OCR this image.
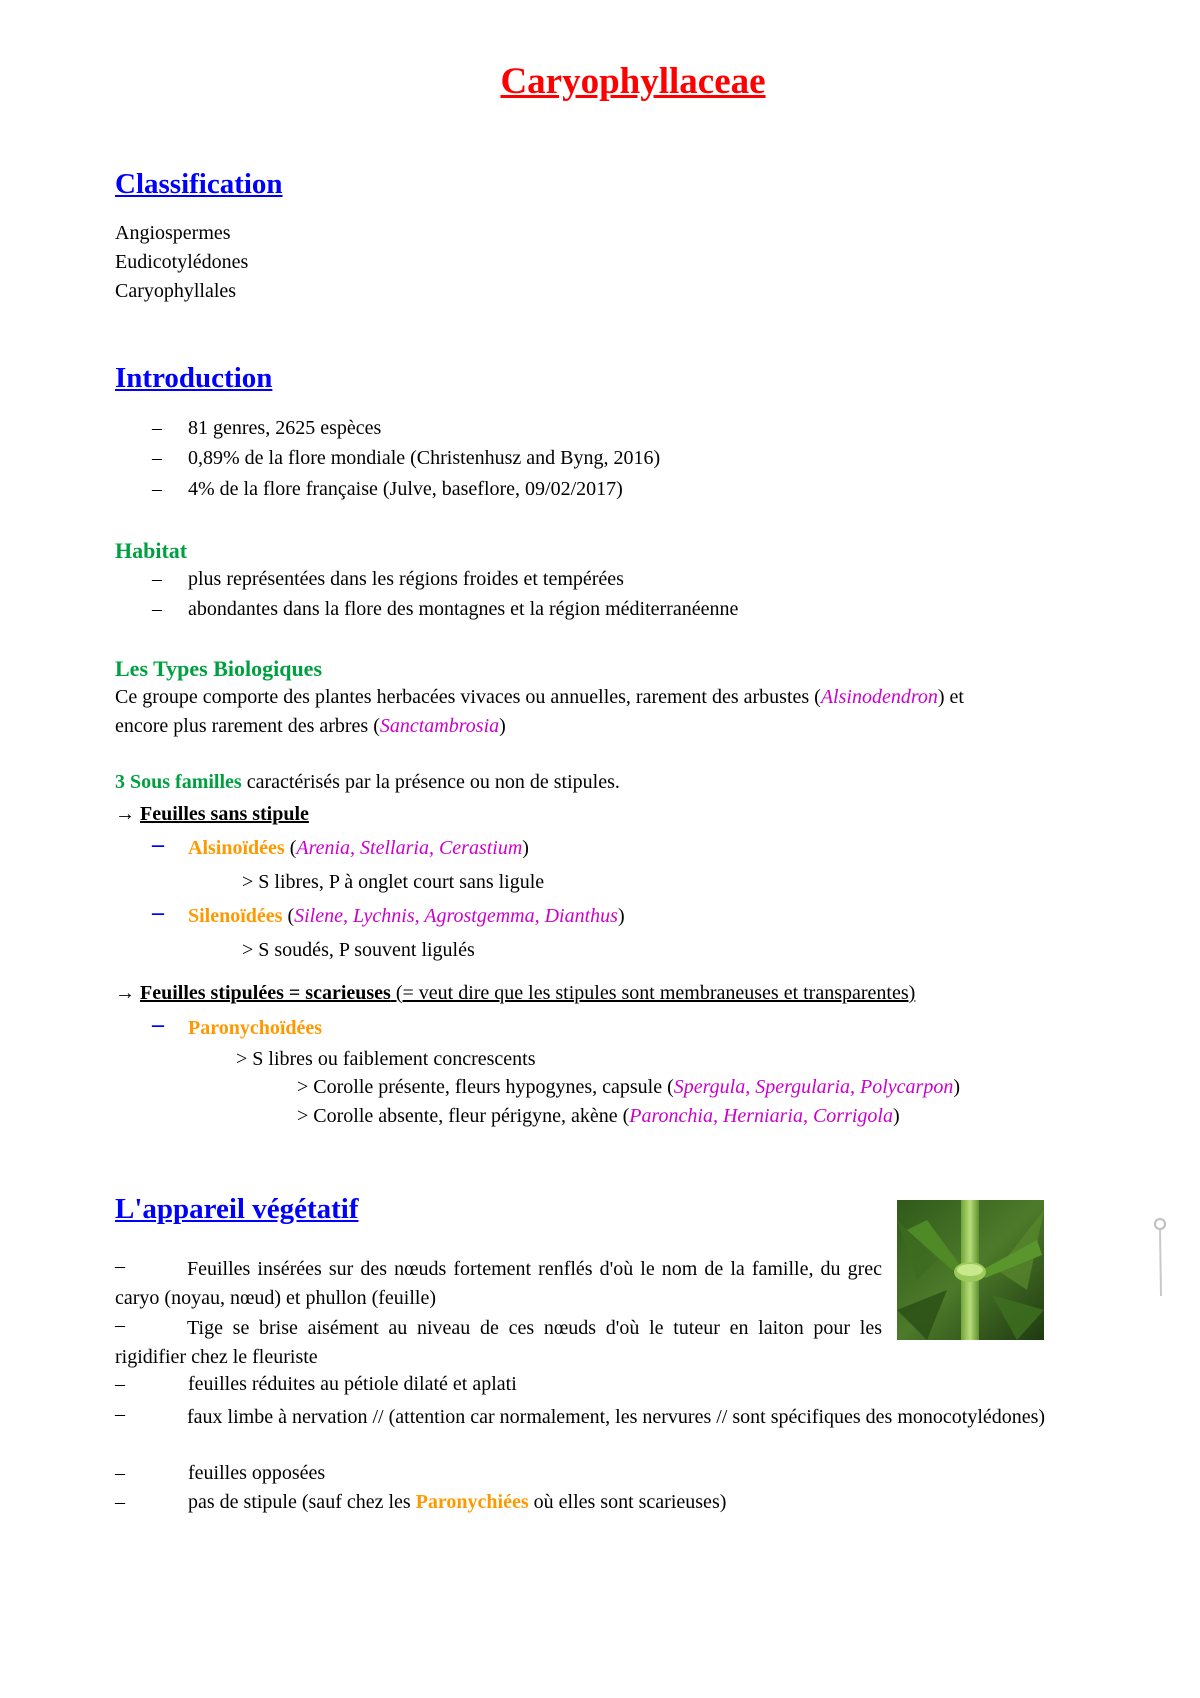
Caryophyllaceae
Classification
Angiospermes
Eudicotylédones
Caryophyllales
Introduction
– 81 genres, 2625 espèces
– 0,89% de la flore mondiale (Christenhusz and Byng, 2016)
– 4% de la flore française (Julve, baseflore, 09/02/2017)
Habitat
– plus représentées dans les régions froides et tempérées
– abondantes dans la flore des montagnes et la région méditerranéenne
Les Types Biologiques
Ce groupe comporte des plantes herbacées vivaces ou annuelles, rarement des arbustes (Alsinodendron) et
encore plus rarement des arbres (Sanctambrosia)
3 Sous familles caractérisés par la présence ou non de stipules.
→ Feuilles sans stipule
– Alsinoïdées (Arenia, Stellaria, Cerastium)
> S libres, P à onglet court sans ligule
– Silenoïdées (Silene, Lychnis, Agrostgemma, Dianthus)
> S soudés, P souvent ligulés
→ Feuilles stipulées = scarieuses (= veut dire que les stipules sont membraneuses et transparentes)
– Paronychoïdées
> S libres ou faiblement concrescents
> Corolle présente, fleurs hypogynes, capsule (Spergula, Spergularia, Polycarpon)
> Corolle absente, fleur périgyne, akène (Paronchia, Herniaria, Corrigola)
L'appareil végétatif
–	Feuilles insérées sur des nœuds fortement renflés d'où le nom de la famille, du grec caryo (noyau, nœud) et phullon (feuille)
–	Tige se brise aisément au niveau de ces nœuds d'où le tuteur en laiton pour les rigidifier chez le fleuriste
–	feuilles réduites au pétiole dilaté et aplati
–	faux limbe à nervation // (attention car normalement, les nervures // sont spécifiques des monocotylédones)
–	feuilles opposées
–	pas de stipule (sauf chez les Paronychiées où elles sont scarieuses)
